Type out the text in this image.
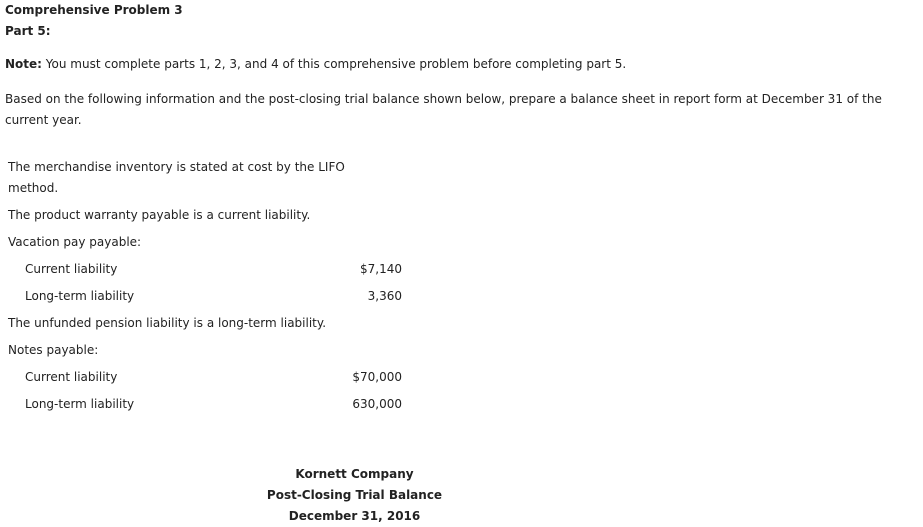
Comprehensive Problem 3
Part 5:
Note: You must complete parts 1, 2, 3, and 4 of this comprehensive problem before completing part 5.
Based on the following information and the post-closing trial balance shown below, prepare a balance sheet in report form at December 31 of the current year.
The merchandise inventory is stated at cost by the LIFO
method.
The product warranty payable is a current liability.
Vacation pay payable:
Current liability	$7,140
Long-term liability	3,360
The unfunded pension liability is a long-term liability.
Notes payable:
Current liability	$70,000
Long-term liability	630,000
Kornett Company
Post-Closing Trial Balance
December 31, 2016
